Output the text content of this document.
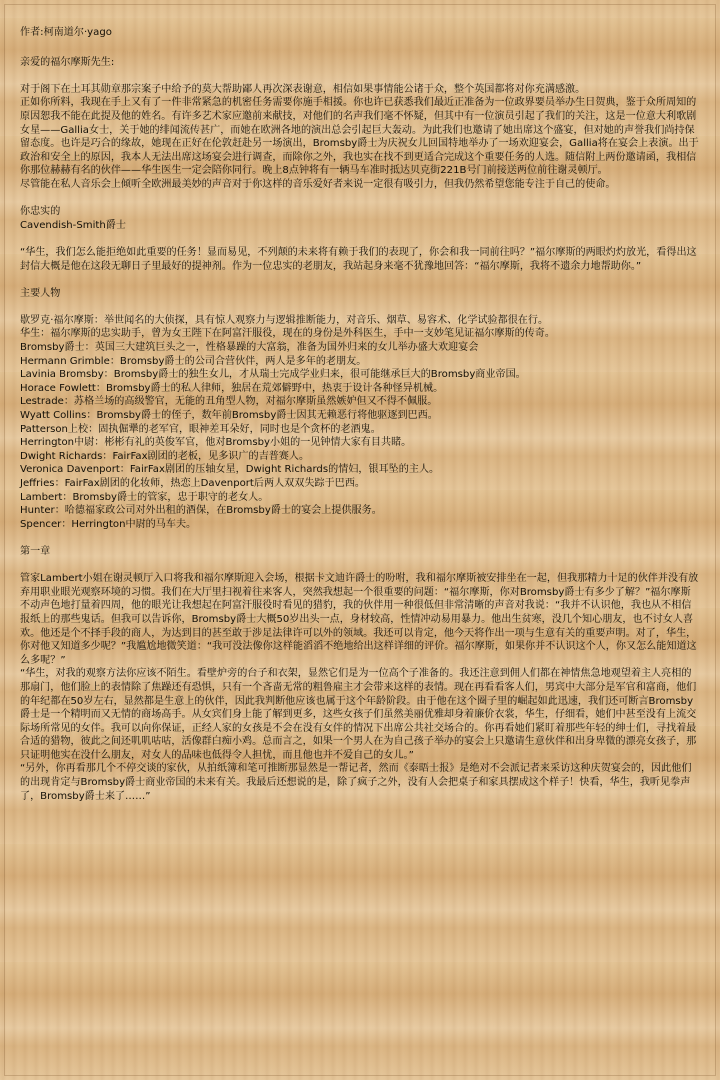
作者:柯南道尔·yago

亲爱的福尔摩斯先生:

对于阁下在土耳其勋章那宗案子中给予的莫大帮助鄙人再次深表谢意，相信如果事情能公诸于众，整个英国都将对你充满感激。

正如你所料，我现在手上又有了一件非常紧急的机密任务需要你施手相援。你也许已获悉我们最近正准备为一位政界要员举办生日贺典，鉴于众所周知的原因恕我不能在此提及他的姓名。有许多艺术家应邀前来献技，对他们的名声我们毫不怀疑，但其中有一位演员引起了我们的关注，这是一位意大利歌剧女星——Gallia女士，关于她的绯闻流传甚广，而她在欧洲各地的演出总会引起巨大轰动。为此我们也邀请了她出席这个盛宴，但对她的声誉我们尚持保留态度。也许是巧合的缘故，她现在正好在伦敦赶赴另一场演出，Bromsby爵士为庆祝女儿回国特地举办了一场欢迎宴会，Gallia将在宴会上表演。出于政治和安全上的原因，我本人无法出席这场宴会进行调查，而除你之外，我也实在找不到更适合完成这个重要任务的人选。随信附上两份邀请函，我相信你那位赫赫有名的伙伴——华生医生一定会陪你同行。晚上8点钟将有一辆马车准时抵达贝克街221B号门前接送两位前往谢灵顿厅。

尽管能在私人音乐会上倾听全欧洲最美妙的声音对于你这样的音乐爱好者来说一定很有吸引力，但我仍然希望您能专注于自己的使命。

你忠实的

Cavendish-Smith爵士

“华生，我们怎么能拒绝如此重要的任务！显而易见，不列颠的未来将有赖于我们的表现了，你会和我一同前往吗？”福尔摩斯的两眼灼灼放光，看得出这封信大概是他在这段无聊日子里最好的提神剂。作为一位忠实的老朋友，我站起身来毫不犹豫地回答：“福尔摩斯，我将不遗余力地帮助你。”

主要人物

歇罗克·福尔摩斯：举世闻名的大侦探，具有惊人观察力与逻辑推断能力，对音乐、烟草、易容术、化学试验都很在行。

华生：福尔摩斯的忠实助手，曾为女王陛下在阿富汗服役，现在的身份是外科医生，手中一支妙笔见证福尔摩斯的传奇。

Bromsby爵士：英国三大建筑巨头之一，性格暴躁的大富翁，准备为国外归来的女儿举办盛大欢迎宴会

Hermann Grimble：Bromsby爵士的公司合营伙伴，两人是多年的老朋友。

Lavinia Bromsby：Bromsby爵士的独生女儿，才从瑞士完成学业归来，很可能继承巨大的Bromsby商业帝国。

Horace Fowlett：Bromsby爵士的私人律师，独居在荒郊僻野中，热衷于设计各种怪异机械。

Lestrade：苏格兰场的高级警官，无能的丑角型人物，对福尔摩斯虽然嫉妒但又不得不佩服。

Wyatt Collins：Bromsby爵士的侄子，数年前Bromsby爵士因其无赖恶行将他驱逐到巴西。

Patterson上校：固执倔犟的老军官，眼神差耳朵好，同时也是个贪杯的老酒鬼。

Herrington中尉：彬彬有礼的英俊军官，他对Bromsby小姐的一见钟情大家有目共睹。

Dwight Richards：FairFax剧团的老板，见多识广的吉普赛人。

Veronica Davenport：FairFax剧团的压轴女星，Dwight Richards的情妇，银耳坠的主人。

Jeffries：FairFax剧团的化妆师，热恋上Davenport后两人双双失踪于巴西。

Lambert：Bromsby爵士的管家，忠于职守的老女人。

Hunter：哈德福家政公司对外出租的酒保，在Bromsby爵士的宴会上提供服务。

Spencer：Herrington中尉的马车夫。

第一章

管家Lambert小姐在谢灵顿厅入口将我和福尔摩斯迎入会场，根据卡文迪许爵士的吩咐，我和福尔摩斯被安排坐在一起，但我那精力十足的伙伴并没有放弃用职业眼光观察环境的习惯。我们在大厅里扫视着往来客人，突然我想起一个很重要的问题：“福尔摩斯，你对Bromsby爵士有多少了解？”福尔摩斯不动声色地打量着四周，他的眼光让我想起在阿富汗服役时看见的猎豹，我的伙伴用一种很低但非常清晰的声音对我说：“我并不认识他，我也从不相信报纸上的那些鬼话。但我可以告诉你，Bromsby爵士大概50岁出头一点，身材较高，性情冲动易用暴力。他出生贫寒，没几个知心朋友，也不讨女人喜欢。他还是个不择手段的商人，为达到目的甚至敢于涉足法律许可以外的领域。我还可以肯定，他今天将作出一项与生意有关的重要声明。对了，华生，你对他又知道多少呢？”我尴尬地微笑道：“我可没法像你这样能滔滔不绝地给出这样详细的评价。福尔摩斯，如果你并不认识这个人，你又怎么能知道这么多呢？”

“华生，对我的观察方法你应该不陌生。看壁炉旁的台子和衣架，显然它们是为一位高个子准备的。我还注意到佣人们都在神情焦急地观望着主人亮相的那扇门，他们脸上的表情除了焦躁还有恐惧，只有一个吝啬无常的粗鲁雇主才会带来这样的表情。现在再看看客人们，男宾中大部分是军官和富商，他们的年纪都在50岁左右，显然都是生意上的伙伴，因此我判断他应该也属于这个年龄阶段。由于他在这个圈子里的崛起如此迅速，我们还可断言Bromsby爵士是一个精明而又无情的商场高手。从女宾们身上能了解到更多，这些女孩子们虽然美丽优雅却身着廉价衣裳，华生，仔细看，她们中甚至没有上流交际场所常见的女伴。我可以向你保证，正经人家的女孩是不会在没有女伴的情况下出席公共社交场合的。你再看她们紧盯着那些年轻的绅士们，寻找着最合适的猎物，彼此之间还叽叽咕咕，活像群白痴小鸡。总而言之，如果一个男人在为自己孩子举办的宴会上只邀请生意伙伴和出身卑微的漂亮女孩子，那只证明他实在没什么朋友，对女人的品味也低得令人担忧，而且他也并不爱自己的女儿。”

“另外，你再看那几个不停交谈的家伙，从拍纸簿和笔可推断那显然是一帮记者，然而《泰晤士报》是绝对不会派记者来采访这种庆贺宴会的，因此他们的出现肯定与Bromsby爵士商业帝国的未来有关。我最后还想说的是，除了疯子之外，没有人会把桌子和家具摆成这个样子！快看，华生，我听见拳声了，Bromsby爵士来了……”
